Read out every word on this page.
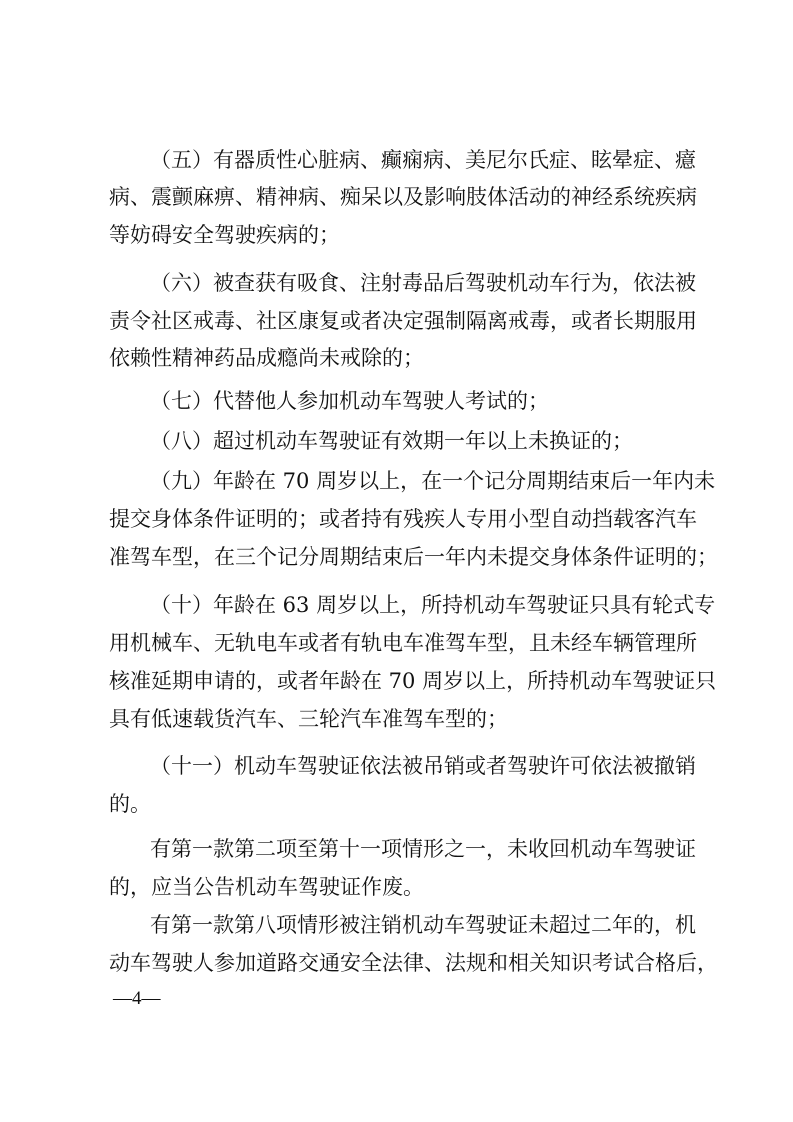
（五）有器质性心脏病、癫痫病、美尼尔氏症、眩晕症、癔
病、震颤麻痹、精神病、痴呆以及影响肢体活动的神经系统疾病
等妨碍安全驾驶疾病的；
（六）被查获有吸食、注射毒品后驾驶机动车行为，依法被
责令社区戒毒、社区康复或者决定强制隔离戒毒，或者长期服用
依赖性精神药品成瘾尚未戒除的；
（七）代替他人参加机动车驾驶人考试的；
（八）超过机动车驾驶证有效期一年以上未换证的；
（九）年龄在 70 周岁以上，在一个记分周期结束后一年内未
提交身体条件证明的；或者持有残疾人专用小型自动挡载客汽车
准驾车型，在三个记分周期结束后一年内未提交身体条件证明的；
（十）年龄在 63 周岁以上，所持机动车驾驶证只具有轮式专
用机械车、无轨电车或者有轨电车准驾车型，且未经车辆管理所
核准延期申请的，或者年龄在 70 周岁以上，所持机动车驾驶证只
具有低速载货汽车、三轮汽车准驾车型的；
（十一）机动车驾驶证依法被吊销或者驾驶许可依法被撤销
的。
有第一款第二项至第十一项情形之一，未收回机动车驾驶证
的，应当公告机动车驾驶证作废。
有第一款第八项情形被注销机动车驾驶证未超过二年的，机
动车驾驶人参加道路交通安全法律、法规和相关知识考试合格后，
—4—
